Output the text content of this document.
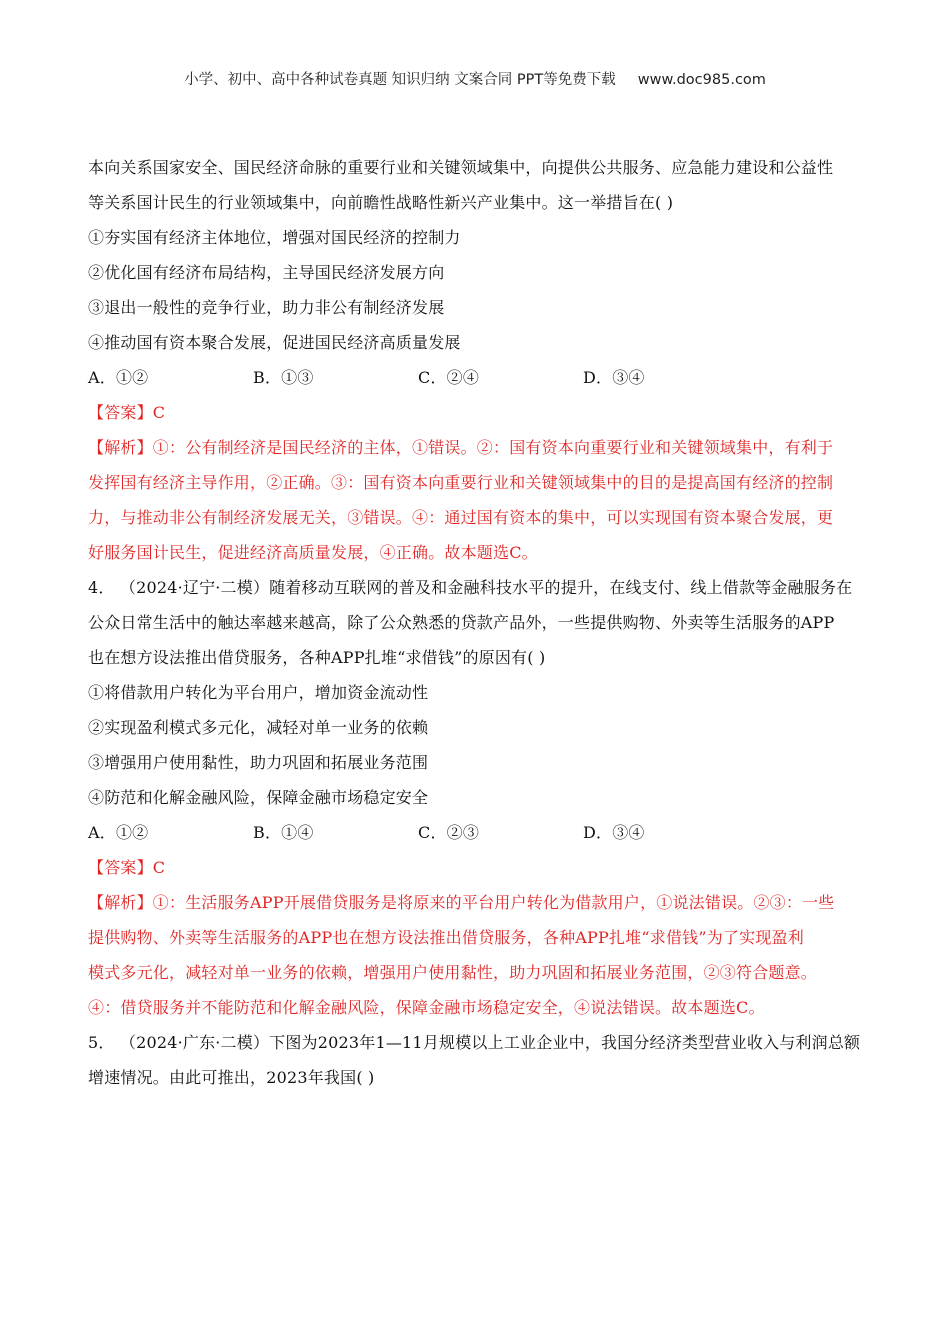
小学、初中、高中各种试卷真题 知识归纳 文案合同 PPT等免费下载 www.doc985.com
本向关系国家安全、国民经济命脉的重要行业和关键领域集中，向提供公共服务、应急能力建设和公益性
等关系国计民生的行业领域集中，向前瞻性战略性新兴产业集中。这一举措旨在( )
①夯实国有经济主体地位，增强对国民经济的控制力
②优化国有经济布局结构，主导国民经济发展方向
③退出一般性的竞争行业，助力非公有制经济发展
④推动国有资本聚合发展，促进国民经济高质量发展
A．①②	B．①③	C．②④	D．③④
【答案】C
【解析】①：公有制经济是国民经济的主体，①错误。②：国有资本向重要行业和关键领域集中，有利于
发挥国有经济主导作用，②正确。③：国有资本向重要行业和关键领域集中的目的是提高国有经济的控制
力，与推动非公有制经济发展无关，③错误。④：通过国有资本的集中，可以实现国有资本聚合发展，更
好服务国计民生，促进经济高质量发展，④正确。故本题选C。
4． （2024·辽宁·二模）随着移动互联网的普及和金融科技水平的提升，在线支付、线上借款等金融服务在
公众日常生活中的触达率越来越高，除了公众熟悉的贷款产品外，一些提供购物、外卖等生活服务的APP
也在想方设法推出借贷服务，各种APP扎堆“求借钱”的原因有( )
①将借款用户转化为平台用户，增加资金流动性
②实现盈利模式多元化，减轻对单一业务的依赖
③增强用户使用黏性，助力巩固和拓展业务范围
④防范和化解金融风险，保障金融市场稳定安全
A．①②	B．①④	C．②③	D．③④
【答案】C
【解析】①：生活服务APP开展借贷服务是将原来的平台用户转化为借款用户，①说法错误。②③：一些
提供购物、外卖等生活服务的APP也在想方设法推出借贷服务，各种APP扎堆“求借钱”为了实现盈利
模式多元化，减轻对单一业务的依赖，增强用户使用黏性，助力巩固和拓展业务范围，②③符合题意。
④：借贷服务并不能防范和化解金融风险，保障金融市场稳定安全，④说法错误。故本题选C。
5． （2024·广东·二模）下图为2023年1—11月规模以上工业企业中，我国分经济类型营业收入与利润总额
增速情况。由此可推出，2023年我国( )
